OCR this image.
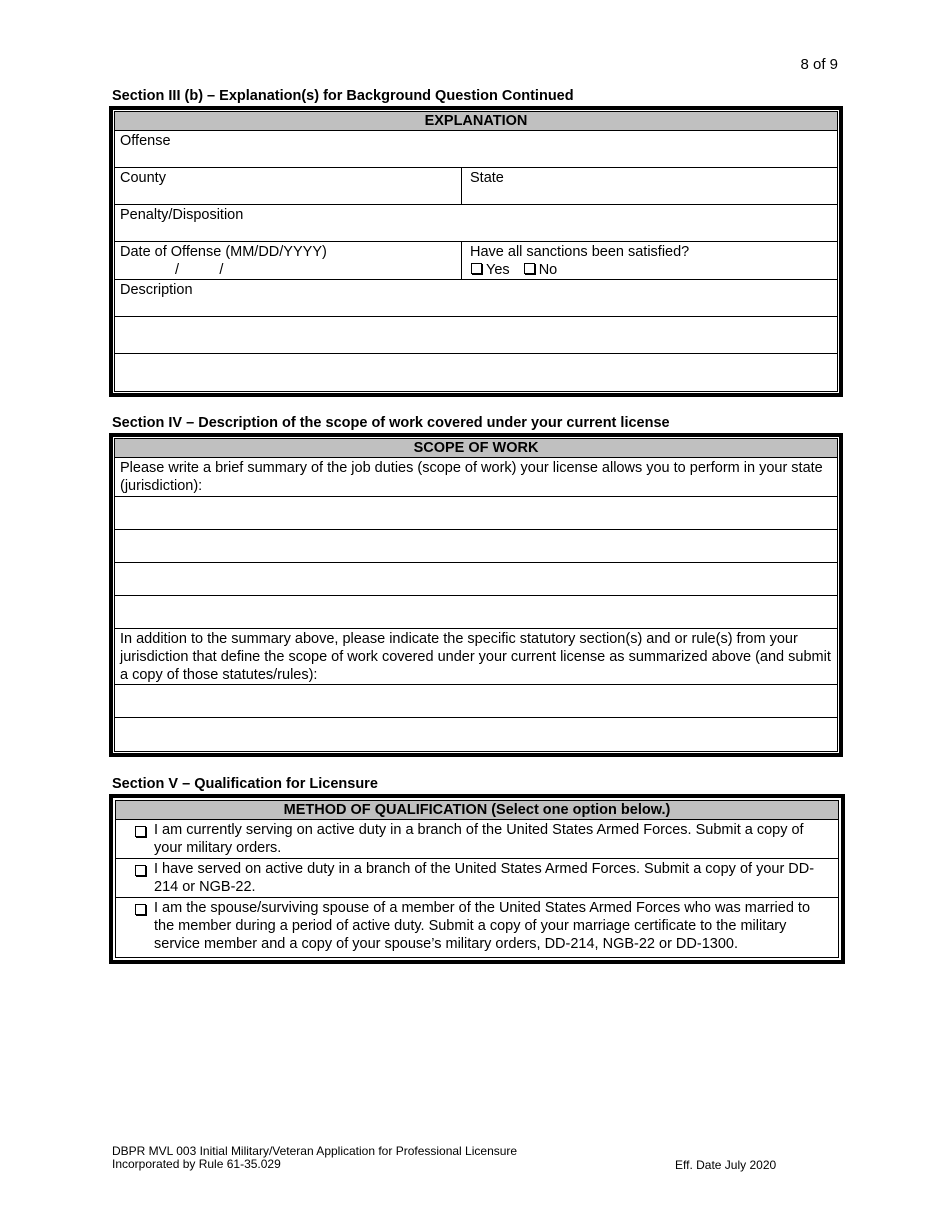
8 of 9
Section III (b) – Explanation(s) for Background Question Continued
EXPLANATION
Offense
County	State
Penalty/Disposition
Date of Offense (MM/DD/YYYY)
/          /
Have all sanctions been satisfied?
Yes No
Description
Section IV – Description of the scope of work covered under your current license
SCOPE OF WORK
Please write a brief summary of the job duties (scope of work) your license allows you to perform in your state (jurisdiction):
In addition to the summary above, please indicate the specific statutory section(s) and or rule(s) from your jurisdiction that define the scope of work covered under your current license as summarized above (and submit a copy of those statutes/rules):
Section V – Qualification for Licensure
METHOD OF QUALIFICATION (Select one option below.)
I am currently serving on active duty in a branch of the United States Armed Forces. Submit a copy of your military orders.
I have served on active duty in a branch of the United States Armed Forces. Submit a copy of your DD-214 or NGB-22.
I am the spouse/surviving spouse of a member of the United States Armed Forces who was married to the member during a period of active duty. Submit a copy of your marriage certificate to the military service member and a copy of your spouse’s military orders, DD-214, NGB-22 or DD-1300.
DBPR MVL 003 Initial Military/Veteran Application for Professional Licensure
Incorporated by Rule 61-35.029	Eff. Date July 2020
